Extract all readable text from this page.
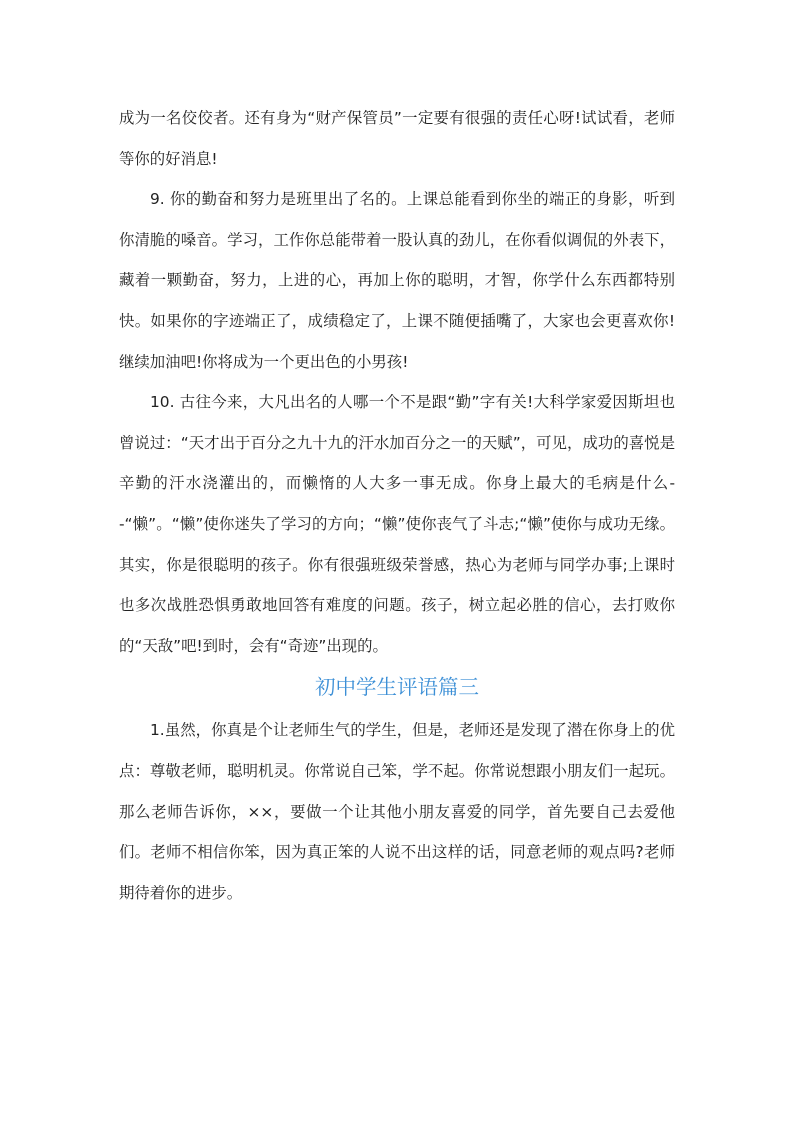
成为一名佼佼者。还有身为“财产保管员”一定要有很强的责任心呀!试试看，老师等你的好消息!

9. 你的勤奋和努力是班里出了名的。上课总能看到你坐的端正的身影，听到你清脆的嗓音。学习，工作你总能带着一股认真的劲儿，在你看似调侃的外表下，藏着一颗勤奋，努力，上进的心，再加上你的聪明，才智，你学什么东西都特别快。如果你的字迹端正了，成绩稳定了，上课不随便插嘴了，大家也会更喜欢你!继续加油吧!你将成为一个更出色的小男孩!

10. 古往今来，大凡出名的人哪一个不是跟“勤”字有关!大科学家爱因斯坦也曾说过：“天才出于百分之九十九的汗水加百分之一的天赋”，可见，成功的喜悦是辛勤的汗水浇灌出的，而懒惰的人大多一事无成。你身上最大的毛病是什么--“懒”。“懒”使你迷失了学习的方向；“懒”使你丧气了斗志;“懒”使你与成功无缘。其实，你是很聪明的孩子。你有很强班级荣誉感，热心为老师与同学办事;上课时也多次战胜恐惧勇敢地回答有难度的问题。孩子，树立起必胜的信心，去打败你的“天敌”吧!到时，会有“奇迹”出现的。

初中学生评语篇三

1.虽然，你真是个让老师生气的学生，但是，老师还是发现了潜在你身上的优点：尊敬老师，聪明机灵。你常说自己笨，学不起。你常说想跟小朋友们一起玩。那么老师告诉你，××，要做一个让其他小朋友喜爱的同学，首先要自己去爱他们。老师不相信你笨，因为真正笨的人说不出这样的话，同意老师的观点吗?老师期待着你的进步。
